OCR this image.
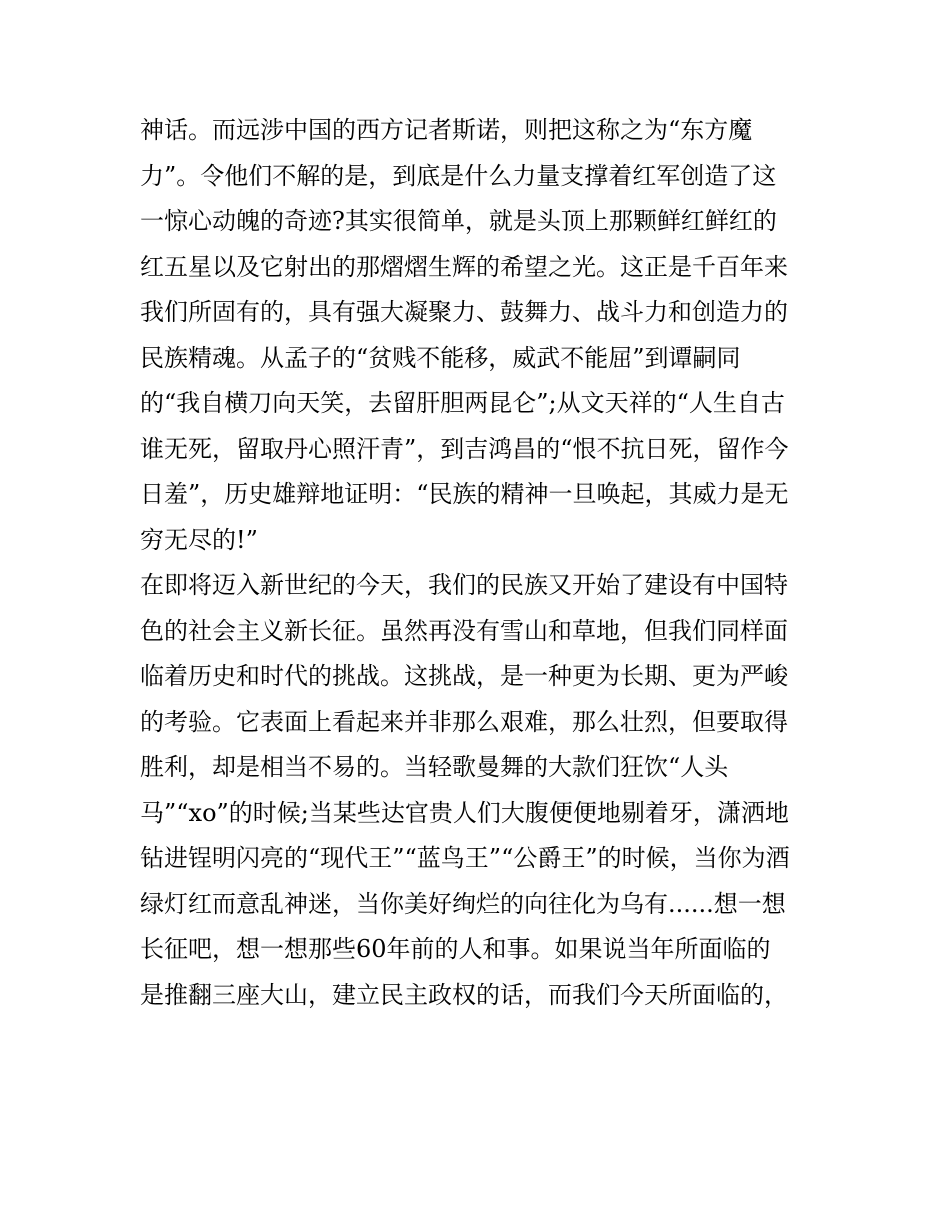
神话。而远涉中国的西方记者斯诺，则把这称之为“东方魔
力”。令他们不解的是，到底是什么力量支撑着红军创造了这
一惊心动魄的奇迹?其实很简单，就是头顶上那颗鲜红鲜红的
红五星以及它射出的那熠熠生辉的希望之光。这正是千百年来
我们所固有的，具有强大凝聚力、鼓舞力、战斗力和创造力的
民族精魂。从孟子的“贫贱不能移，威武不能屈”到谭嗣同
的“我自横刀向天笑，去留肝胆两昆仑”;从文天祥的“人生自古
谁无死，留取丹心照汗青”，到吉鸿昌的“恨不抗日死，留作今
日羞”，历史雄辩地证明：“民族的精神一旦唤起，其威力是无
穷无尽的!”
在即将迈入新世纪的今天，我们的民族又开始了建设有中国特
色的社会主义新长征。虽然再没有雪山和草地，但我们同样面
临着历史和时代的挑战。这挑战，是一种更为长期、更为严峻
的考验。它表面上看起来并非那么艰难，那么壮烈，但要取得
胜利，却是相当不易的。当轻歌曼舞的大款们狂饮“人头
马”“xo”的时候;当某些达官贵人们大腹便便地剔着牙，潇洒地
钻进锃明闪亮的“现代王”“蓝鸟王”“公爵王”的时候，当你为酒
绿灯红而意乱神迷，当你美好绚烂的向往化为乌有......想一想
长征吧，想一想那些60年前的人和事。如果说当年所面临的
是推翻三座大山，建立民主政权的话，而我们今天所面临的，
